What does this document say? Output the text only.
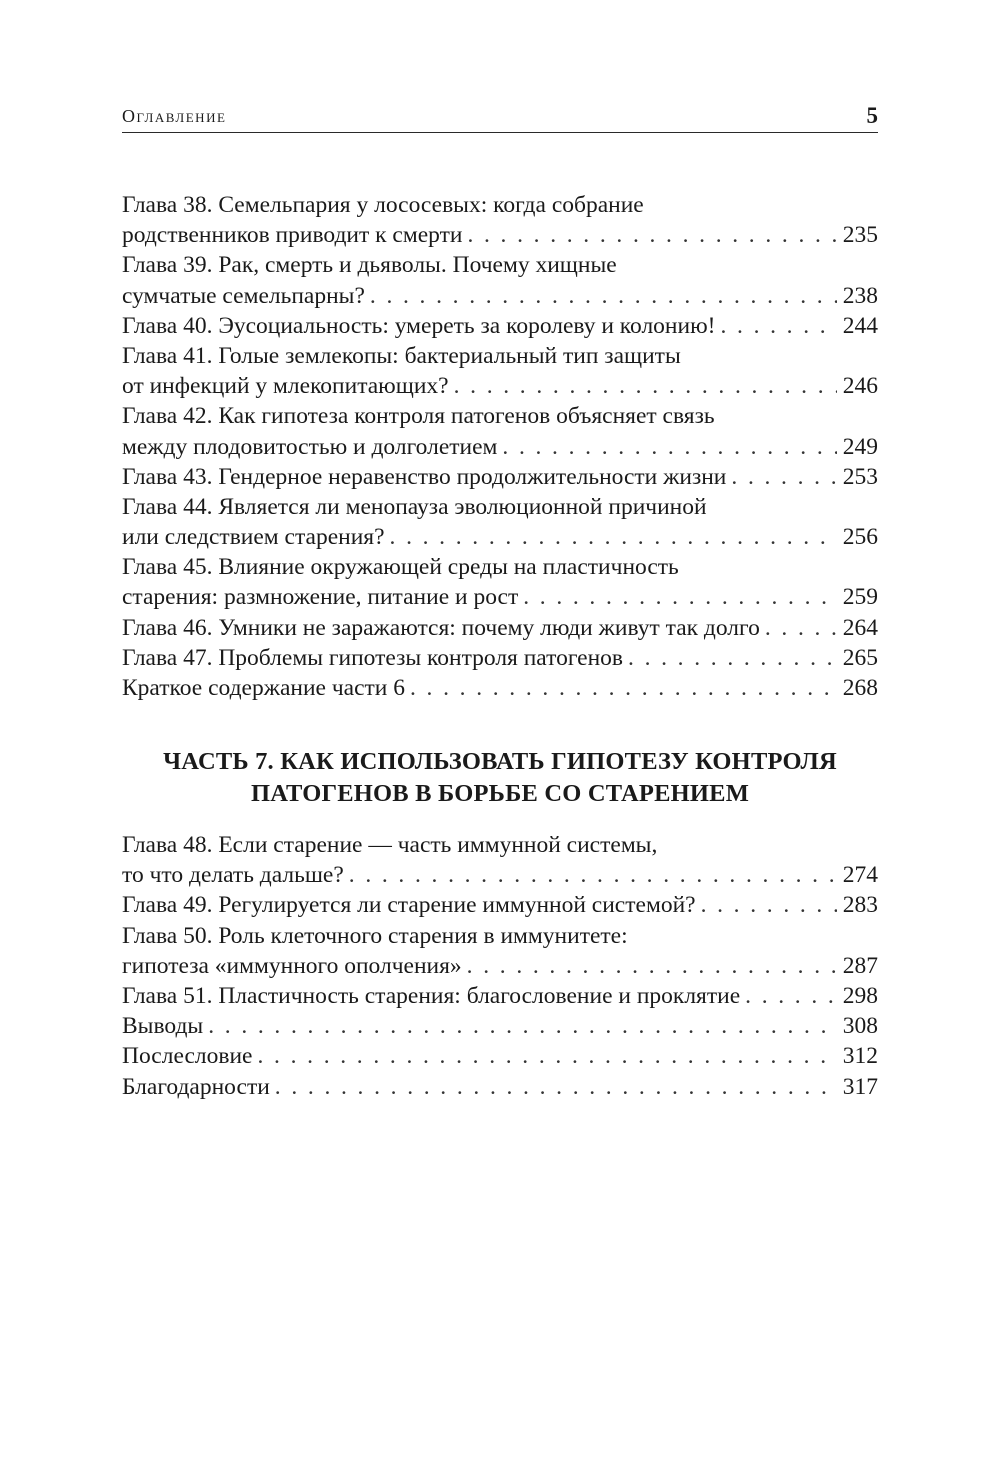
Оглавление	5
Глава 38. Семельпария у лососевых: когда собрание
родственников приводит к смерти . . .	235
Глава 39. Рак, смерть и дьяволы. Почему хищные
сумчатые семельпарны? . . .	238
Глава 40. Эусоциальность: умереть за королеву и колонию! . . .	244
Глава 41. Голые землекопы: бактериальный тип защиты
от инфекций у млекопитающих? . . .	246
Глава 42. Как гипотеза контроля патогенов объясняет связь
между плодовитостью и долголетием . . .	249
Глава 43. Гендерное неравенство продолжительности жизни . . .	253
Глава 44. Является ли менопауза эволюционной причиной
или следствием старения? . . .	256
Глава 45. Влияние окружающей среды на пластичность
старения: размножение, питание и рост . . .	259
Глава 46. Умники не заражаются: почему люди живут так долго . . .	264
Глава 47. Проблемы гипотезы контроля патогенов . . .	265
Краткое содержание части 6 . . .	268
ЧАСТЬ 7. КАК ИСПОЛЬЗОВАТЬ ГИПОТЕЗУ КОНТРОЛЯ
ПАТОГЕНОВ В БОРЬБЕ СО СТАРЕНИЕМ
Глава 48. Если старение — часть иммунной системы,
то что делать дальше? . . .	274
Глава 49. Регулируется ли старение иммунной системой? . . .	283
Глава 50. Роль клеточного старения в иммунитете:
гипотеза «иммунного ополчения» . . .	287
Глава 51. Пластичность старения: благословение и проклятие . . .	298
Выводы . . .	308
Послесловие . . .	312
Благодарности . . .	317
